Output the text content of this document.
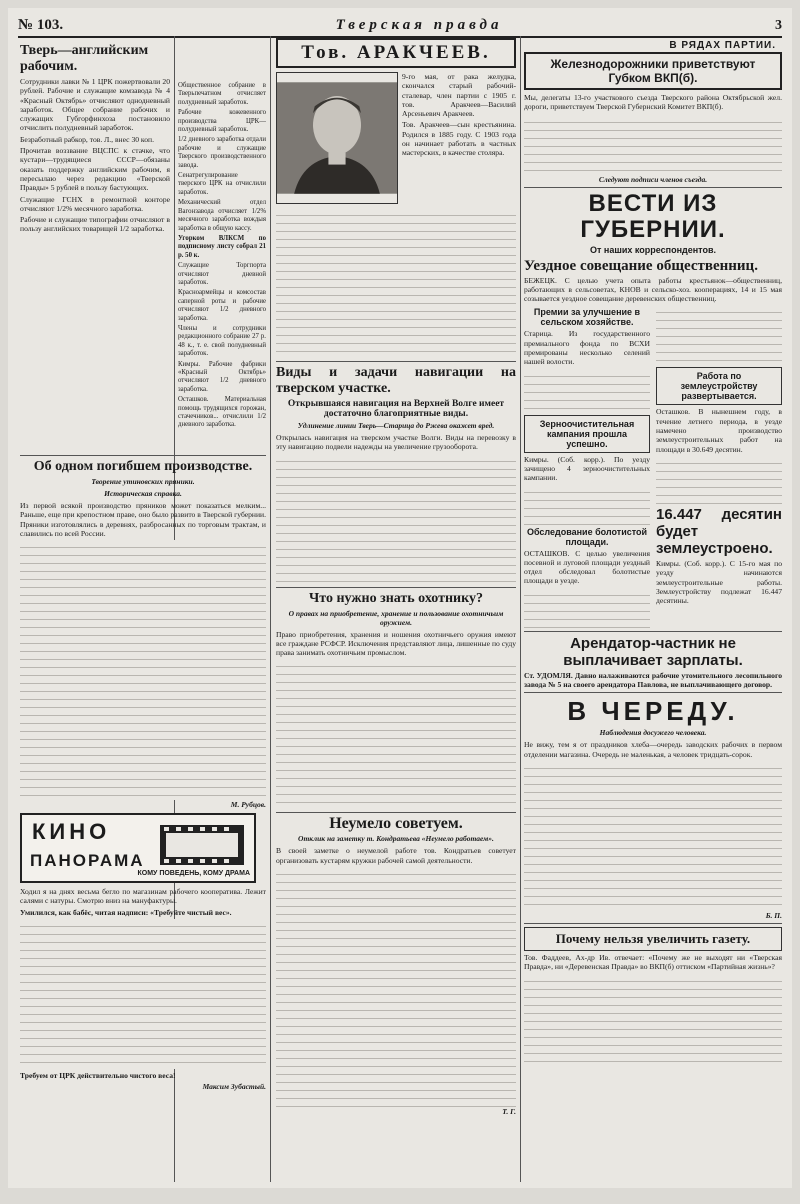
№ 103.	Тверская правда	3
В РЯДАХ ПАРТИИ.
Тверь—английским рабочим.

Сотрудники лавки № 1 ЦРК пожертвовали 20 рублей. Рабочие и служащие комзавода № 4 «Красный Октябрь» отчисляют однодневный заработок. Общее собрание рабочих и служащих Губгорфинхоза постановило отчислить полудневный заработок.

Безработный рабкор, тов. Л., внес 30 коп.

Прочитав воззвание ВЦСПС к стачке, что кустари—трудящиеся СССР—обязаны оказать поддержку английским рабочим, я пересылаю через редакцию «Тверской Правды» 5 рублей в пользу бастующих.

Служащие ГСНХ в ремонтной конторе отчисляют 1/2% месячного заработка.

Рабочие и служащие типографии отчисляют в пользу английских товарищей 1/2 заработка.

Общественное собрание в Тверьпечатном отчисляет полудневный заработок.

Рабочие кожевенного производства ЦРК—полудневный заработок.

1/2 дневного заработка отдали рабочие и служащие Тверского производственного завода.

Сенатрегулирование тверского ЦРК на отчислили заработок.

Механический отдел Вагонзавода отчисляет 1/2% месячного заработка вождыя заработка в общую кассу.

Угорком ВЛКСМ по подписному листу собрал 21 р. 50 к.

Служащие Торгпорта отчисляют дневной заработок.

Красноармейцы и комсостав саперной роты и рабочие отчисляют 1/2 дневного заработка.

Члены и сотрудники редакционного собрание 27 р. 48 к., т. е. свой полудневный заработок.

Кимры. Рабочие фабрики «Красный Октябрь» отчисляют 1/2 дневного заработка.

Осташков. Материальная помощь трудящихся горожан, стачечников... отчислили 1/2 дневного заработка.

Об одном погибшем производстве.
Творение утиновских пряники.
Историческая справка.

Из первой всякой производство пряников может показаться мелким... Раньше, еще при крепостном праве, оно было развито в Тверской губернии. Пряники изготовлялись в деревнях, разбросанных по торговым трактам, и славились по всей России.

М. Рубцов.
КИНО
ПАНОРАМА
КОМУ ПОВЕДЕНЬ, КОМУ ДРАМА

Ходил я на днях весьма бегло по магазинам рабочего кооператива. Лежит салями с натуры. Смотрю вниз на мануфактуры.

Умилился, как бабёс, читая надписи: «Требуйте чистый вес».

Требуем от ЦРК действительно чистого веса!

Максим Зубастый.
Тов. АРАКЧЕЕВ.

9-го мая, от рака желудка, скончался старый рабочий-сталевар, член партии с 1905 г. тов. Аракчеев—Василий Арсеньевич Аракчеев.

Тов. Аракчеев—сын крестьянина. Родился в 1885 году. С 1903 года он начинает работать в частных мастерских, в качестве столяра.

Виды и задачи навигации на тверском участке.
Открывшаяся навигация на Верхней Волге имеет достаточно благоприятные виды.
Удлинение линии Тверь—Старица до Ржева окажет вред.

Открылась навигация на тверском участке Волги. Виды на перевозку в эту навигацию подвели надежды на увеличение грузооборота.

Что нужно знать охотнику?
О правах на приобретение, хранение и пользование охотничьим оружием.

Право приобретения, хранения и ношения охотничьего оружия имеют все граждане РСФСР. Исключения представляют лица, лишенные по суду права занимать охотничьим промыслом.

Неумело советуем.
Отклик на заметку т. Кондратьева «Неумело работаем».

В своей заметке о неумелой работе тов. Кондратьев советует организовать кустарям кружки рабочей самой деятельности.

Т. Г.
Железнодорожники приветствуют Губком ВКП(б).

Мы, делегаты 13-го участкового съезда Тверского района Октябрьской жел. дороги, приветствуем Тверской Губернский Комитет ВКП(б).

Следуют подписи членов съезда.
ВЕСТИ ИЗ ГУБЕРНИИ.
От наших корреспондентов.
Уездное совещание общественниц.

БЕЖЕЦК. С целью учета опыта работы крестьянок—общественниц, работающих в сельсоветах, КНОВ и сельско-хоз. кооперациях, 14 и 15 мая созывается уездное совещание деревенских общественниц.

Премии за улучшение в сельском хозяйстве.

Старица. Из государственного премиального фонда по ВСХИ премированы несколько селений нашей волости.

Зерноочистительная кампания прошла успешно.

Кимры. (Соб. корр.). По уезду зачищено 4 зерноочистительных кампании.

Обследование болотистой площади.

ОСТАШКОВ. С целью увеличения посевной и луговой площади уездный отдел обследовал болотистые площади в уезде.

Работа по землеустройству развертывается.

Осташков. В нынешнем году, в течение летнего периода, в уезде намечено производство землеустроительных работ на площади в 30.649 десятин.

16.447 десятин будет землеустроено.

Кимры. (Соб. корр.). С 15-го мая по уезду начинаются землеустроительные работы. Землеустройству подлежат 16.447 десятины.

Арендатор-частник не выплачивает зарплаты.

Ст. УДОМЛЯ. Давно налаживаются рабочие утомительного лесопильного завода № 5 на своего арендатора Павлова, не выплачивающего договор.

В ЧЕРЕДУ.
Наблюдения досужего человека.

Не вижу, тем я от праздников хлеба—очередь заводских рабочих в первом отделении магазина. Очередь не маленькая, а человек тридцать-сорок.

Б. П.
Почему нельзя увеличить газету.

Тов. Фаддеев, Ах-др Ив. отвечает: «Почему же не выходят ни «Тверская Правда», ни «Деревенская Правда» во ВКП(б) оттиском «Партийная жизнь»?
